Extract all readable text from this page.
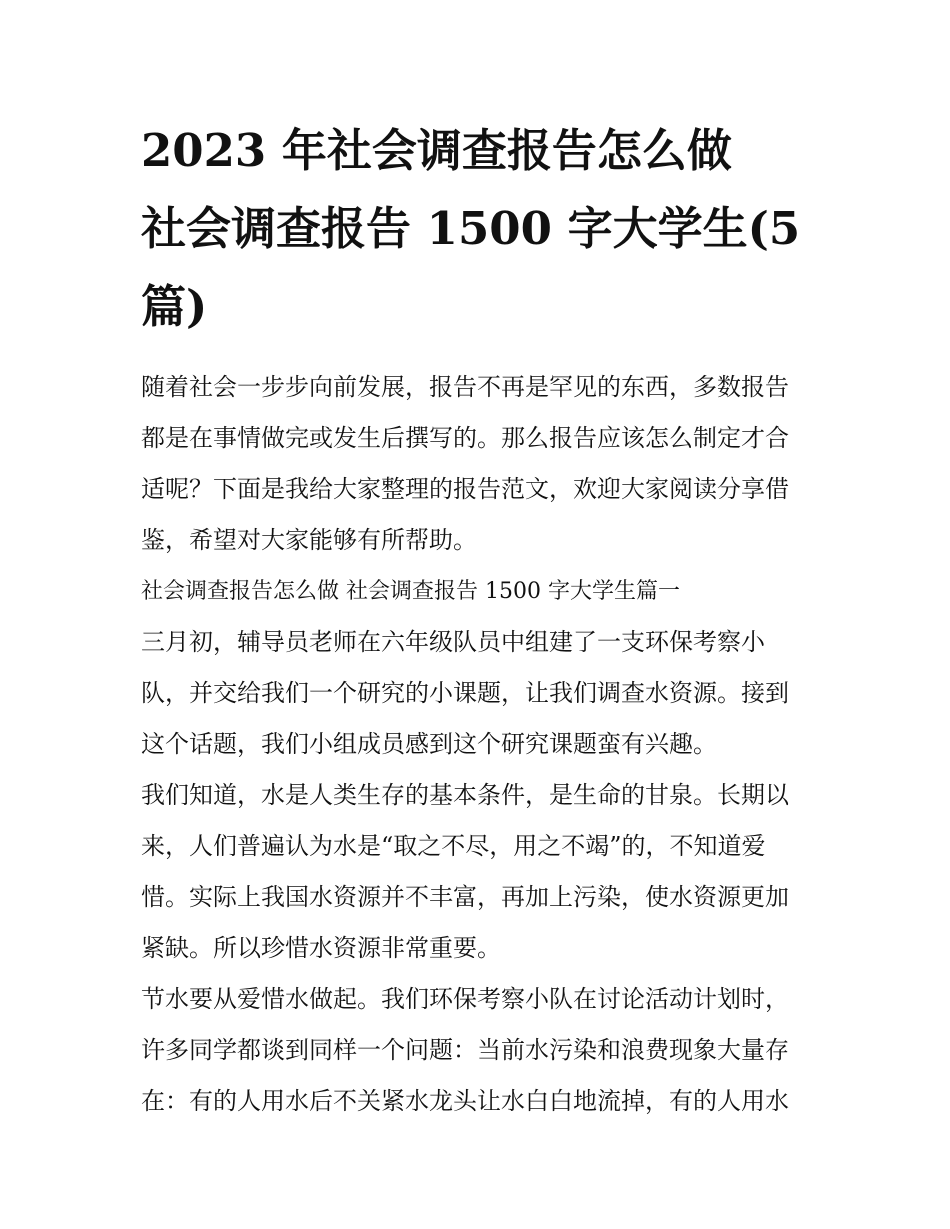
2023 年社会调查报告怎么做
社会调查报告 1500 字大学生(5
篇)

随着社会一步步向前发展，报告不再是罕见的东西，多数报告
都是在事情做完或发生后撰写的。那么报告应该怎么制定才合
适呢？下面是我给大家整理的报告范文，欢迎大家阅读分享借
鉴，希望对大家能够有所帮助。

社会调查报告怎么做 社会调查报告 1500 字大学生篇一

三月初，辅导员老师在六年级队员中组建了一支环保考察小
队，并交给我们一个研究的小课题，让我们调查水资源。接到
这个话题，我们小组成员感到这个研究课题蛮有兴趣。

我们知道，水是人类生存的基本条件，是生命的甘泉。长期以
来，人们普遍认为水是“取之不尽，用之不竭”的，不知道爱
惜。实际上我国水资源并不丰富，再加上污染，使水资源更加
紧缺。所以珍惜水资源非常重要。

节水要从爱惜水做起。我们环保考察小队在讨论活动计划时，
许多同学都谈到同样一个问题：当前水污染和浪费现象大量存
在：有的人用水后不关紧水龙头让水白白地流掉，有的人用水
